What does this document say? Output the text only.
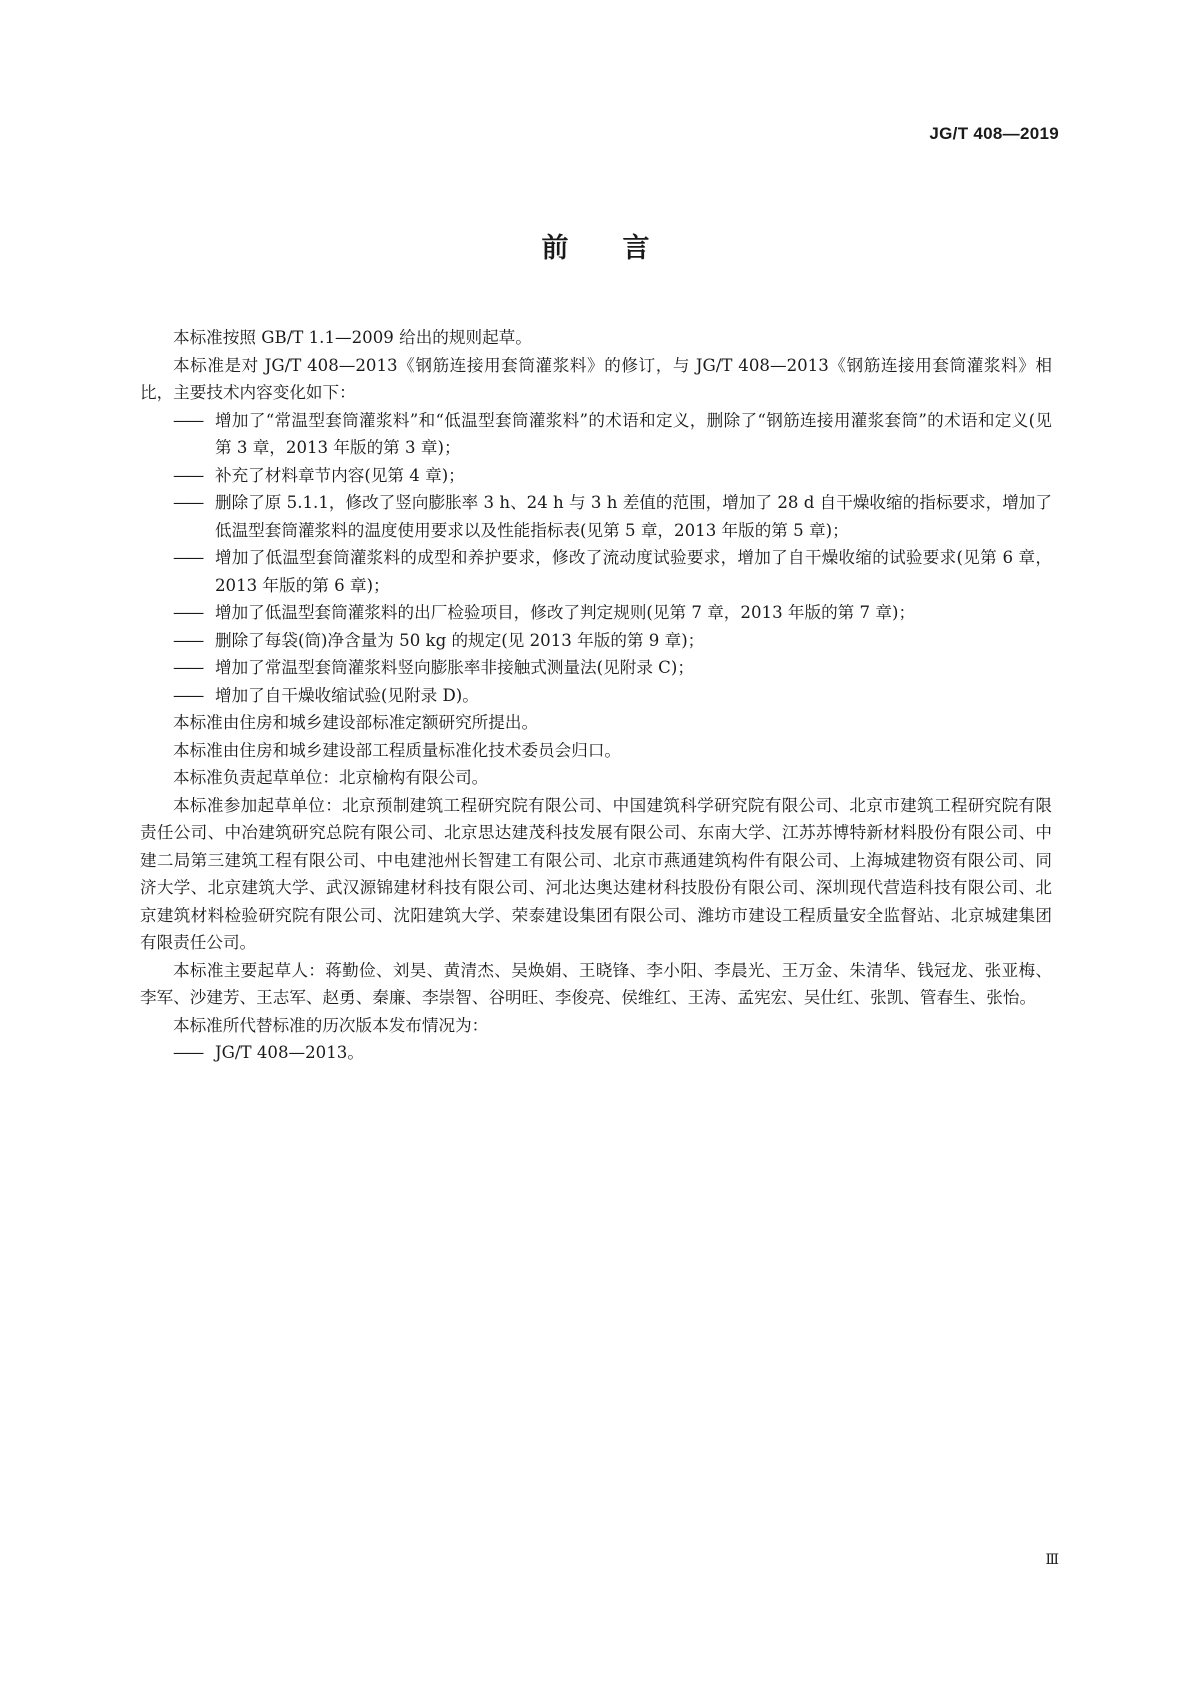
JG/T 408—2019
前 言

本标准按照 GB/T 1.1—2009 给出的规则起草。

本标准是对 JG/T 408—2013《钢筋连接用套筒灌浆料》的修订，与 JG/T 408—2013《钢筋连接用套筒灌浆料》相比，主要技术内容变化如下：

—— 增加了“常温型套筒灌浆料”和“低温型套筒灌浆料”的术语和定义，删除了“钢筋连接用灌浆套筒”的术语和定义(见第 3 章，2013 年版的第 3 章)；
—— 补充了材料章节内容(见第 4 章)；
—— 删除了原 5.1.1，修改了竖向膨胀率 3 h、24 h 与 3 h 差值的范围，增加了 28 d 自干燥收缩的指标要求，增加了低温型套筒灌浆料的温度使用要求以及性能指标表(见第 5 章，2013 年版的第 5 章)；
—— 增加了低温型套筒灌浆料的成型和养护要求，修改了流动度试验要求，增加了自干燥收缩的试验要求(见第 6 章，2013 年版的第 6 章)；
—— 增加了低温型套筒灌浆料的出厂检验项目，修改了判定规则(见第 7 章，2013 年版的第 7 章)；
—— 删除了每袋(筒)净含量为 50 kg 的规定(见 2013 年版的第 9 章)；
—— 增加了常温型套筒灌浆料竖向膨胀率非接触式测量法(见附录 C)；
—— 增加了自干燥收缩试验(见附录 D)。

本标准由住房和城乡建设部标准定额研究所提出。

本标准由住房和城乡建设部工程质量标准化技术委员会归口。

本标准负责起草单位：北京榆构有限公司。

本标准参加起草单位：北京预制建筑工程研究院有限公司、中国建筑科学研究院有限公司、北京市建筑工程研究院有限责任公司、中冶建筑研究总院有限公司、北京思达建茂科技发展有限公司、东南大学、江苏苏博特新材料股份有限公司、中建二局第三建筑工程有限公司、中电建池州长智建工有限公司、北京市燕通建筑构件有限公司、上海城建物资有限公司、同济大学、北京建筑大学、武汉源锦建材科技有限公司、河北达奥达建材科技股份有限公司、深圳现代营造科技有限公司、北京建筑材料检验研究院有限公司、沈阳建筑大学、荣泰建设集团有限公司、潍坊市建设工程质量安全监督站、北京城建集团有限责任公司。

本标准主要起草人：蒋勤俭、刘昊、黄清杰、吴焕娟、王晓锋、李小阳、李晨光、王万金、朱清华、钱冠龙、张亚梅、李军、沙建芳、王志军、赵勇、秦廉、李崇智、谷明旺、李俊亮、侯维红、王涛、孟宪宏、吴仕红、张凯、管春生、张怡。

本标准所代替标准的历次版本发布情况为：

—— JG/T 408—2013。
Ⅲ
